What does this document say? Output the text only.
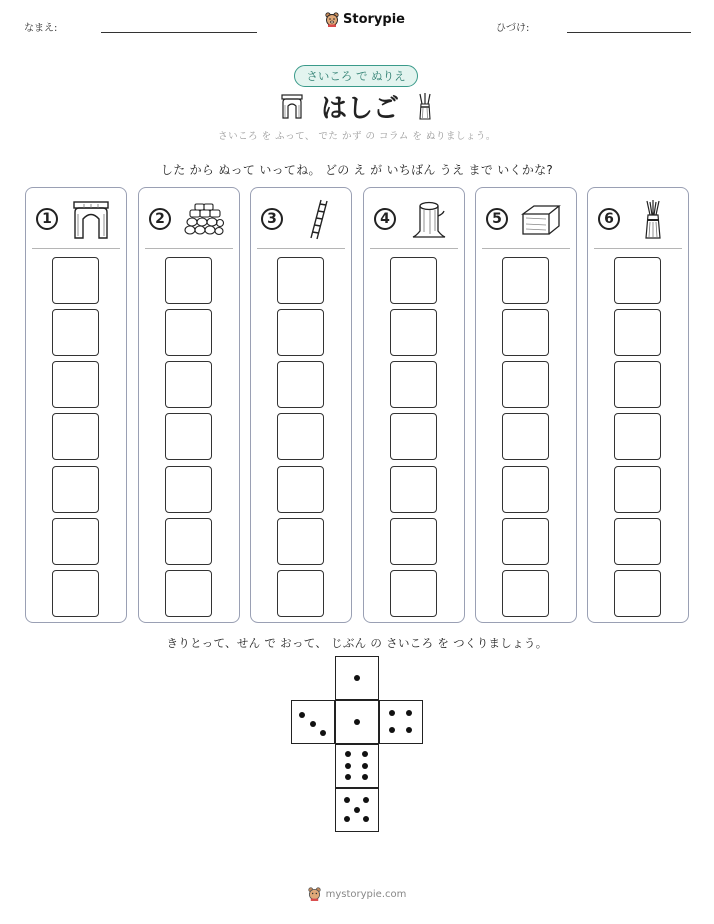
なまえ:
Storypie
ひづけ:
さいころ で ぬりえ
はしご
さいころ を ふって、 でた かず の コラム を ぬりましょう。
した から ぬって いってね。 どの え が いちばん うえ まで いくかな?
1	2	3	4	5	6
きりとって、せん で おって、 じぶん の さいころ を つくりましょう。
mystorypie.com
